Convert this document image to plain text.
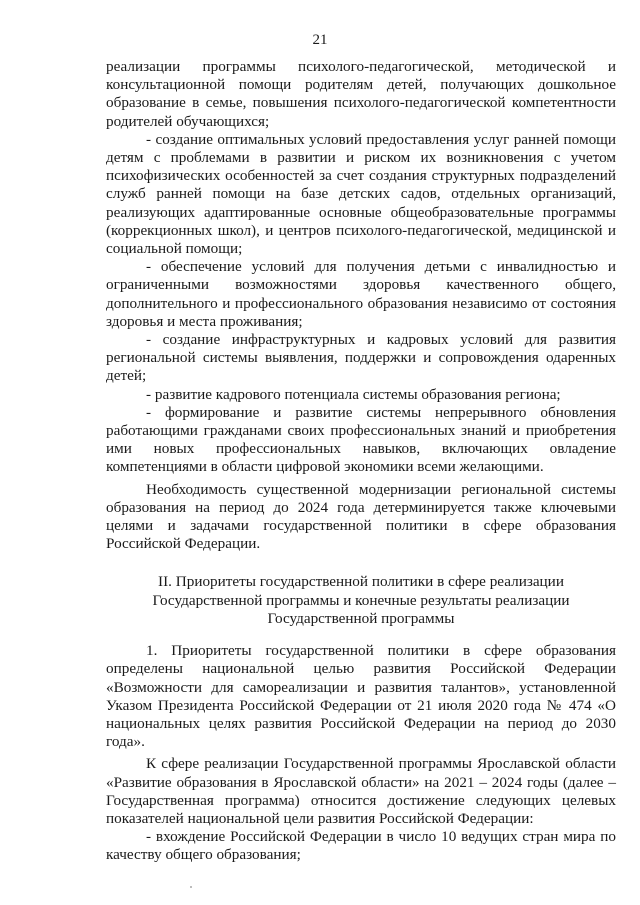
21

реализации программы психолого-педагогической, методической и консультационной помощи родителям детей, получающих дошкольное образование в семье, повышения психолого-педагогической компетентности родителей обучающихся;

- создание оптимальных условий предоставления услуг ранней помощи детям с проблемами в развитии и риском их возникновения с учетом психофизических особенностей за счет создания структурных подразделений служб ранней помощи на базе детских садов, отдельных организаций, реализующих адаптированные основные общеобразовательные программы (коррекционных школ), и центров психолого-педагогической, медицинской и социальной помощи;

- обеспечение условий для получения детьми с инвалидностью и ограниченными возможностями здоровья качественного общего, дополнительного и профессионального образования независимо от состояния здоровья и места проживания;

- создание инфраструктурных и кадровых условий для развития региональной системы выявления, поддержки и сопровождения одаренных детей;

- развитие кадрового потенциала системы образования региона;

- формирование и развитие системы непрерывного обновления работающими гражданами своих профессиональных знаний и приобретения ими новых профессиональных навыков, включающих овладение компетенциями в области цифровой экономики всеми желающими.

Необходимость существенной модернизации региональной системы образования на период до 2024 года детерминируется также ключевыми целями и задачами государственной политики в сфере образования Российской Федерации.

II. Приоритеты государственной политики в сфере реализации
Государственной программы и конечные результаты реализации
Государственной программы

1. Приоритеты государственной политики в сфере образования определены национальной целью развития Российской Федерации «Возможности для самореализации и развития талантов», установленной Указом Президента Российской Федерации от 21 июля 2020 года № 474 «О национальных целях развития Российской Федерации на период до 2030 года».

К сфере реализации Государственной программы Ярославской области «Развитие образования в Ярославской области» на 2021 – 2024 годы (далее – Государственная программа) относится достижение следующих целевых показателей национальной цели развития Российской Федерации:

- вхождение Российской Федерации в число 10 ведущих стран мира по качеству общего образования;
